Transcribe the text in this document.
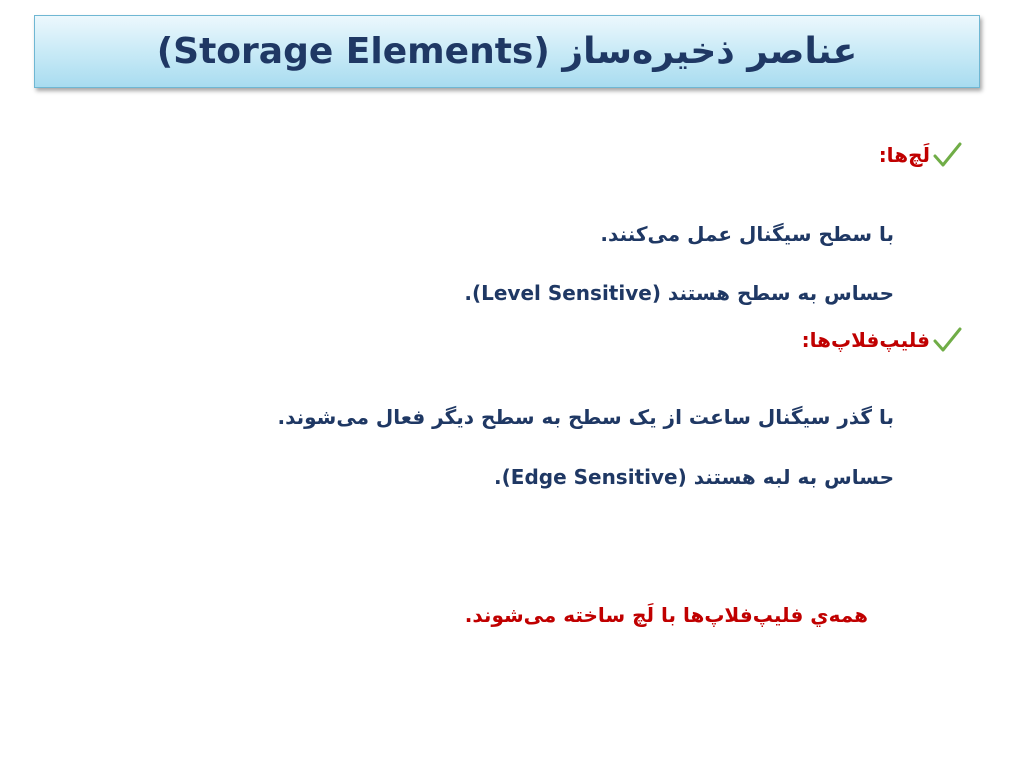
عناصر ذخیره‌ساز (Storage Elements)
لَچ‌ها:
با سطح سیگنال عمل می‌کنند.
حساس به سطح هستند (Level Sensitive).
فلیپ‌فلاپ‌ها:
با گذر سیگنال ساعت از یک سطح به سطح دیگر فعال می‌شوند.
حساس به لبه هستند (Edge Sensitive).
همه‌ي فلیپ‌فلاپ‌ها با لَچ ساخته می‌شوند.
